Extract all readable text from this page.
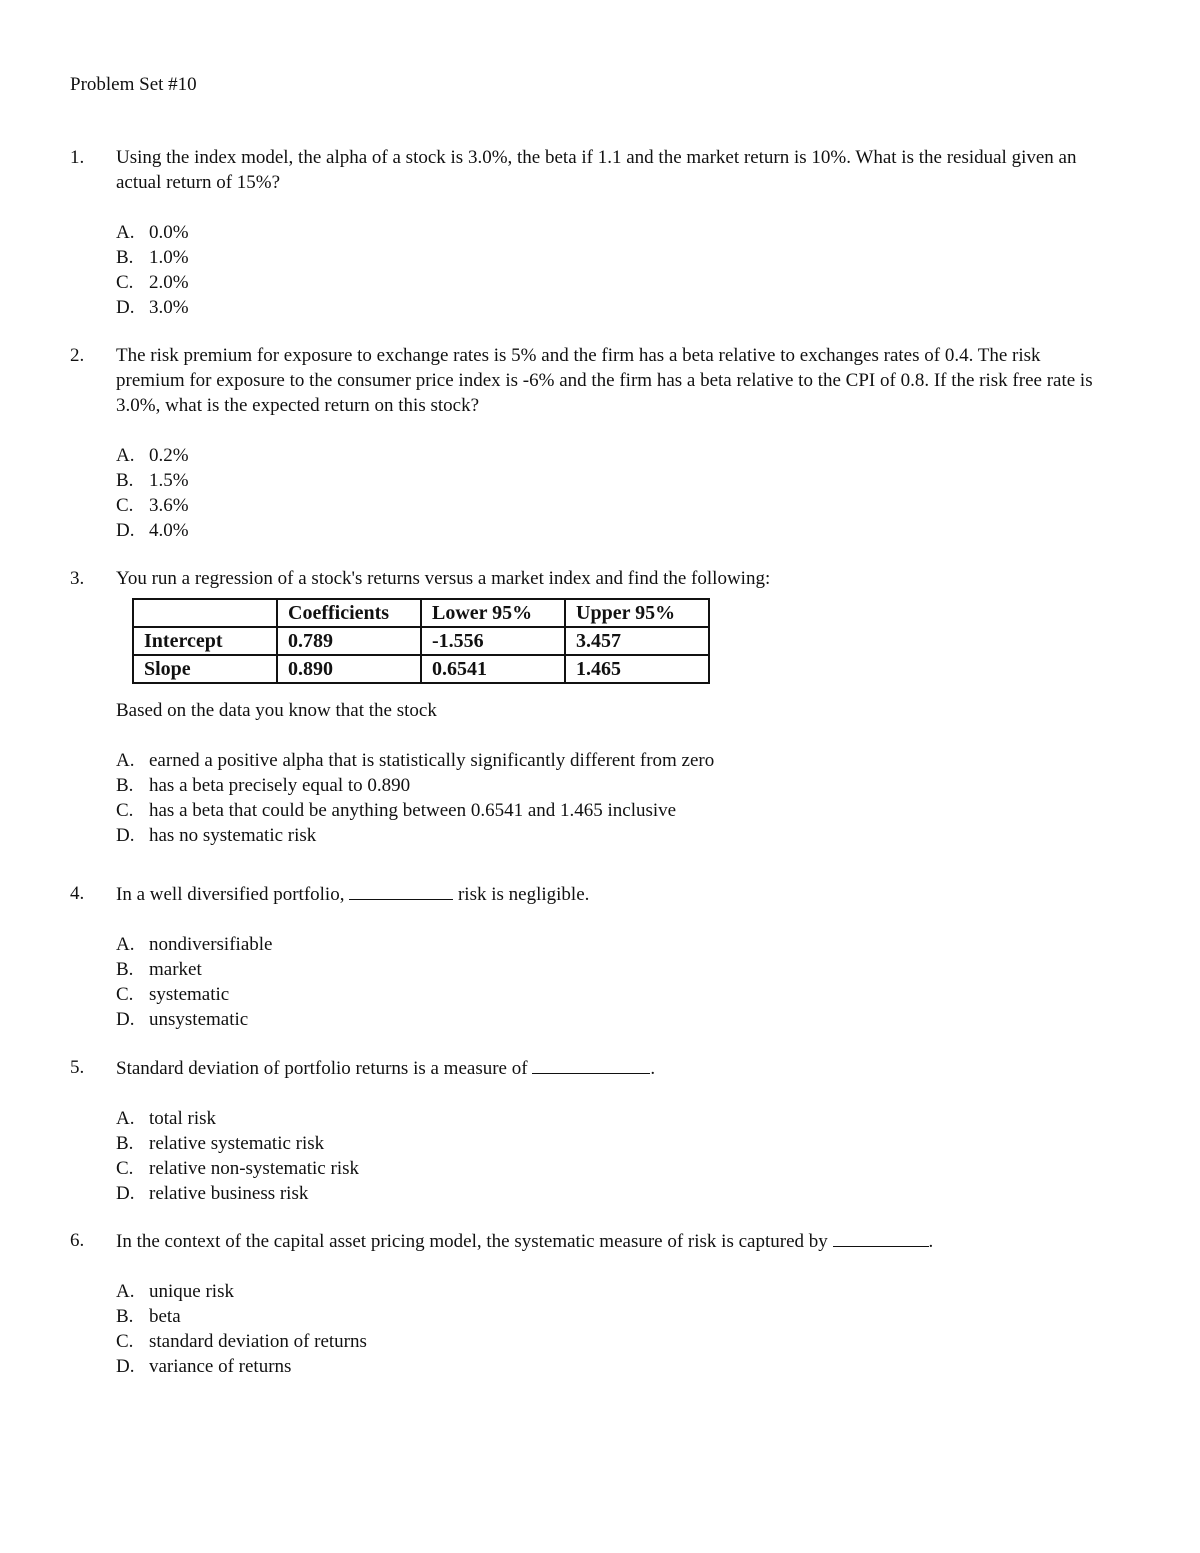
Problem Set #10
1. Using the index model, the alpha of a stock is 3.0%, the beta if 1.1 and the market return is 10%. What is the residual given an actual return of 15%?
A. 0.0%
B. 1.0%
C. 2.0%
D. 3.0%
2. The risk premium for exposure to exchange rates is 5% and the firm has a beta relative to exchanges rates of 0.4. The risk premium for exposure to the consumer price index is -6% and the firm has a beta relative to the CPI of 0.8. If the risk free rate is 3.0%, what is the expected return on this stock?
A. 0.2%
B. 1.5%
C. 3.6%
D. 4.0%
3. You run a regression of a stock's returns versus a market index and find the following:
	Coefficients	Lower 95%	Upper 95%
Intercept	0.789	-1.556	3.457
Slope	0.890	0.6541	1.465
Based on the data you know that the stock
A. earned a positive alpha that is statistically significantly different from zero
B. has a beta precisely equal to 0.890
C. has a beta that could be anything between 0.6541 and 1.465 inclusive
D. has no systematic risk
4. In a well diversified portfolio,	risk is negligible.
A. nondiversifiable
B. market
C. systematic
D. unsystematic
5. Standard deviation of portfolio returns is a measure of	.
A. total risk
B. relative systematic risk
C. relative non-systematic risk
D. relative business risk
6. In the context of the capital asset pricing model, the systematic measure of risk is captured by	.
A. unique risk
B. beta
C. standard deviation of returns
D. variance of returns
